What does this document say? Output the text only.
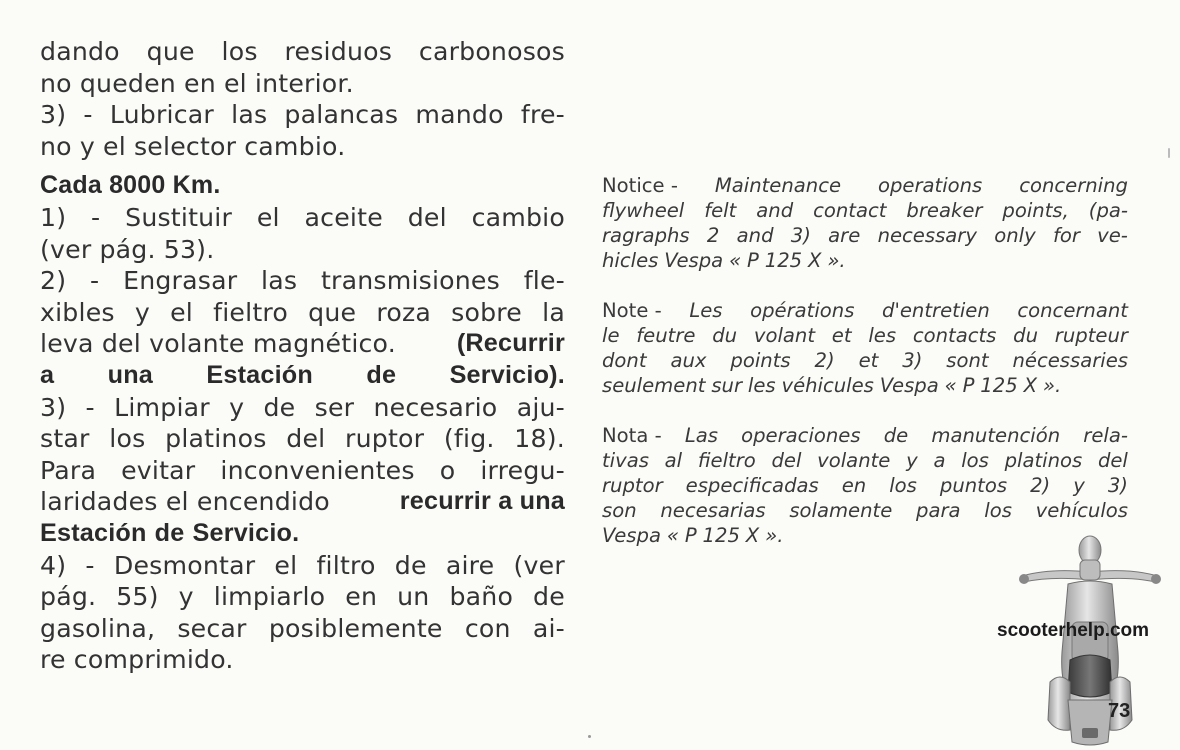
dando que los residuos carbonosos
no queden en el interior.
3) - Lubricar las palancas mando fre-
no y el selector cambio.
Cada 8000 Km.
1) - Sustituir el aceite del cambio
(ver pág. 53).
2) - Engrasar las transmisiones fle-
xibles y el fieltro que roza sobre la
leva del volante magnético. (Recurrir
a una Estación de Servicio).
3) - Limpiar y de ser necesario aju-
star los platinos del ruptor (fig. 18).
Para evitar inconvenientes o irregu-
laridades el encendido	recurrir a una
Estación de Servicio.
4) - Desmontar el filtro de aire (ver
pág. 55) y limpiarlo en un baño de
gasolina, secar posiblemente con ai-
re comprimido.
Notice - Maintenance operations concerning
flywheel felt and contact breaker points, (pa-
ragraphs 2 and 3) are necessary only for ve-
hicles Vespa « P 125 X ».
Note - Les opérations d'entretien concernant
le feutre du volant et les contacts du rupteur
dont aux points 2) et 3) sont nécessaries
seulement sur les véhicules Vespa « P 125 X ».
Nota - Las operaciones de manutención rela-
tivas al fieltro del volante y a los platinos del
ruptor especificadas en los puntos 2) y 3)
son necesarias solamente para los vehículos
Vespa « P 125 X ».
scooterhelp.com
73
